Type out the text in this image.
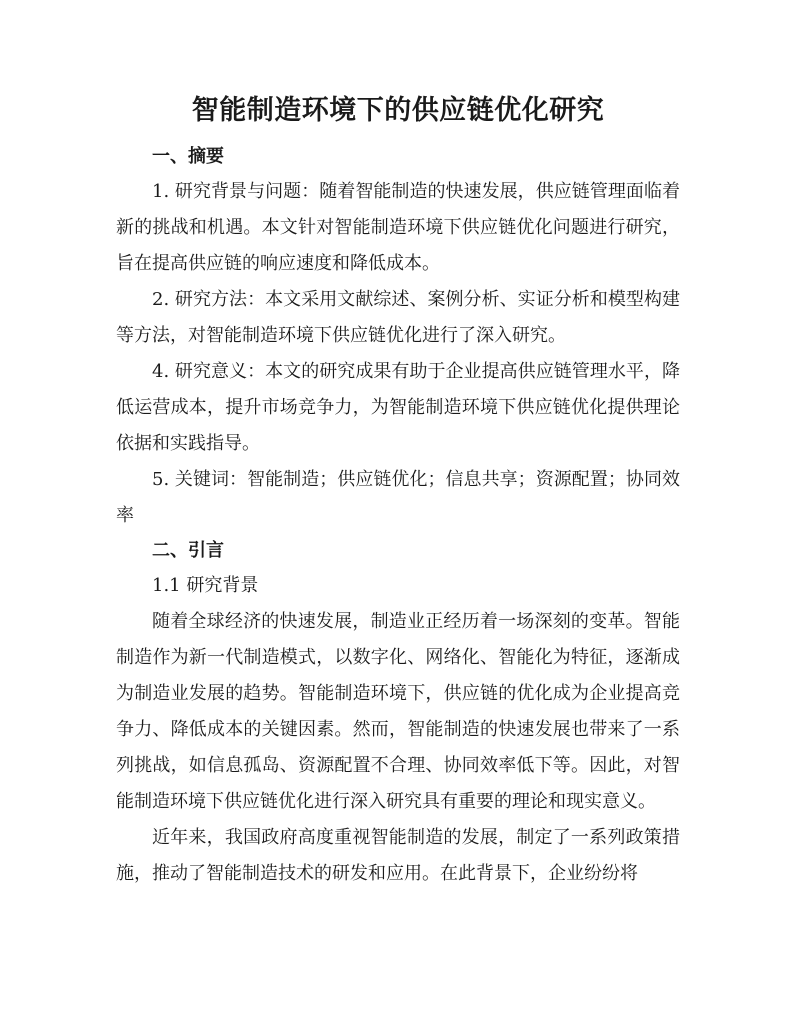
智能制造环境下的供应链优化研究

一、摘要

1. 研究背景与问题：随着智能制造的快速发展，供应链管理面临着新的挑战和机遇。本文针对智能制造环境下供应链优化问题进行研究，旨在提高供应链的响应速度和降低成本。

2. 研究方法：本文采用文献综述、案例分析、实证分析和模型构建等方法，对智能制造环境下供应链优化进行了深入研究。

4. 研究意义：本文的研究成果有助于企业提高供应链管理水平，降低运营成本，提升市场竞争力，为智能制造环境下供应链优化提供理论依据和实践指导。

5. 关键词：智能制造；供应链优化；信息共享；资源配置；协同效率

二、引言

1.1 研究背景

随着全球经济的快速发展，制造业正经历着一场深刻的变革。智能制造作为新一代制造模式，以数字化、网络化、智能化为特征，逐渐成为制造业发展的趋势。智能制造环境下，供应链的优化成为企业提高竞争力、降低成本的关键因素。然而，智能制造的快速发展也带来了一系列挑战，如信息孤岛、资源配置不合理、协同效率低下等。因此，对智能制造环境下供应链优化进行深入研究具有重要的理论和现实意义。

近年来，我国政府高度重视智能制造的发展，制定了一系列政策措施，推动了智能制造技术的研发和应用。在此背景下，企业纷纷将
